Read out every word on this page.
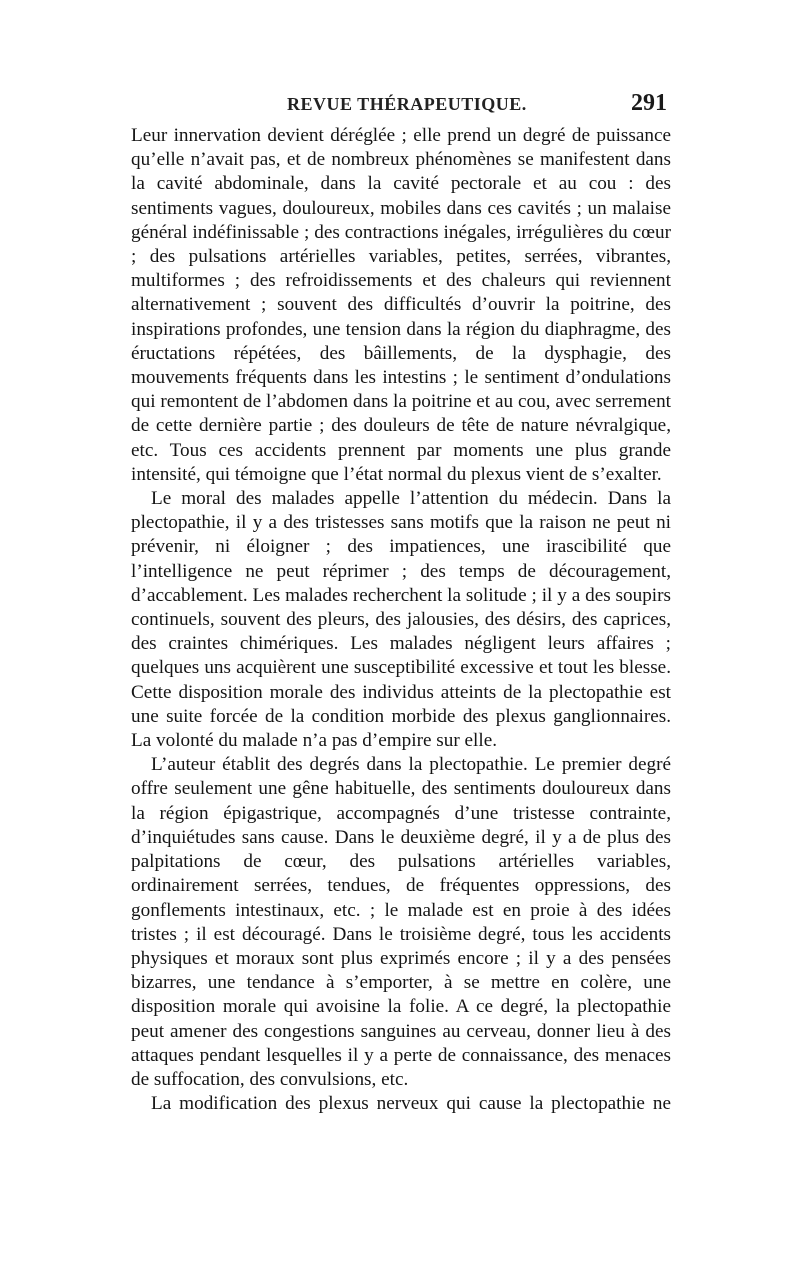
REVUE THÉRAPEUTIQUE.	291

Leur innervation devient déréglée ; elle prend un degré de puissance qu’elle n’avait pas, et de nombreux phénomènes se manifestent dans la cavité abdominale, dans la cavité pectorale et au cou : des sentiments vagues, douloureux, mobiles dans ces cavités ; un malaise général indéfinissable ; des contractions inégales, irrégulières du cœur ; des pulsations artérielles variables, petites, serrées, vibrantes, multiformes ; des refroidissements et des chaleurs qui reviennent alternativement ; souvent des difficultés d’ouvrir la poitrine, des inspirations profondes, une tension dans la région du diaphragme, des éructations répétées, des bâillements, de la dysphagie, des mouvements fréquents dans les intestins ; le sentiment d’ondulations qui remontent de l’abdomen dans la poitrine et au cou, avec serrement de cette dernière partie ; des douleurs de tête de nature névralgique, etc. Tous ces accidents prennent par moments une plus grande intensité, qui témoigne que l’état normal du plexus vient de s’exalter.

Le moral des malades appelle l’attention du médecin. Dans la plectopathie, il y a des tristesses sans motifs que la raison ne peut ni prévenir, ni éloigner ; des impatiences, une irascibilité que l’intelligence ne peut réprimer ; des temps de découragement, d’accablement. Les malades recherchent la solitude ; il y a des soupirs continuels, souvent des pleurs, des jalousies, des désirs, des caprices, des craintes chimériques. Les malades négligent leurs affaires ; quelques uns acquièrent une susceptibilité excessive et tout les blesse. Cette disposition morale des individus atteints de la plectopathie est une suite forcée de la condition morbide des plexus ganglionnaires. La volonté du malade n’a pas d’empire sur elle.

L’auteur établit des degrés dans la plectopathie. Le premier degré offre seulement une gêne habituelle, des sentiments douloureux dans la région épigastrique, accompagnés d’une tristesse contrainte, d’inquiétudes sans cause. Dans le deuxième degré, il y a de plus des palpitations de cœur, des pulsations artérielles variables, ordinairement serrées, tendues, de fréquentes oppressions, des gonflements intestinaux, etc. ; le malade est en proie à des idées tristes ; il est découragé. Dans le troisième degré, tous les accidents physiques et moraux sont plus exprimés encore ; il y a des pensées bizarres, une tendance à s’emporter, à se mettre en colère, une disposition morale qui avoisine la folie. A ce degré, la plectopathie peut amener des congestions sanguines au cerveau, donner lieu à des attaques pendant lesquelles il y a perte de connaissance, des menaces de suffocation, des convulsions, etc.

La modification des plexus nerveux qui cause la plectopathie ne
